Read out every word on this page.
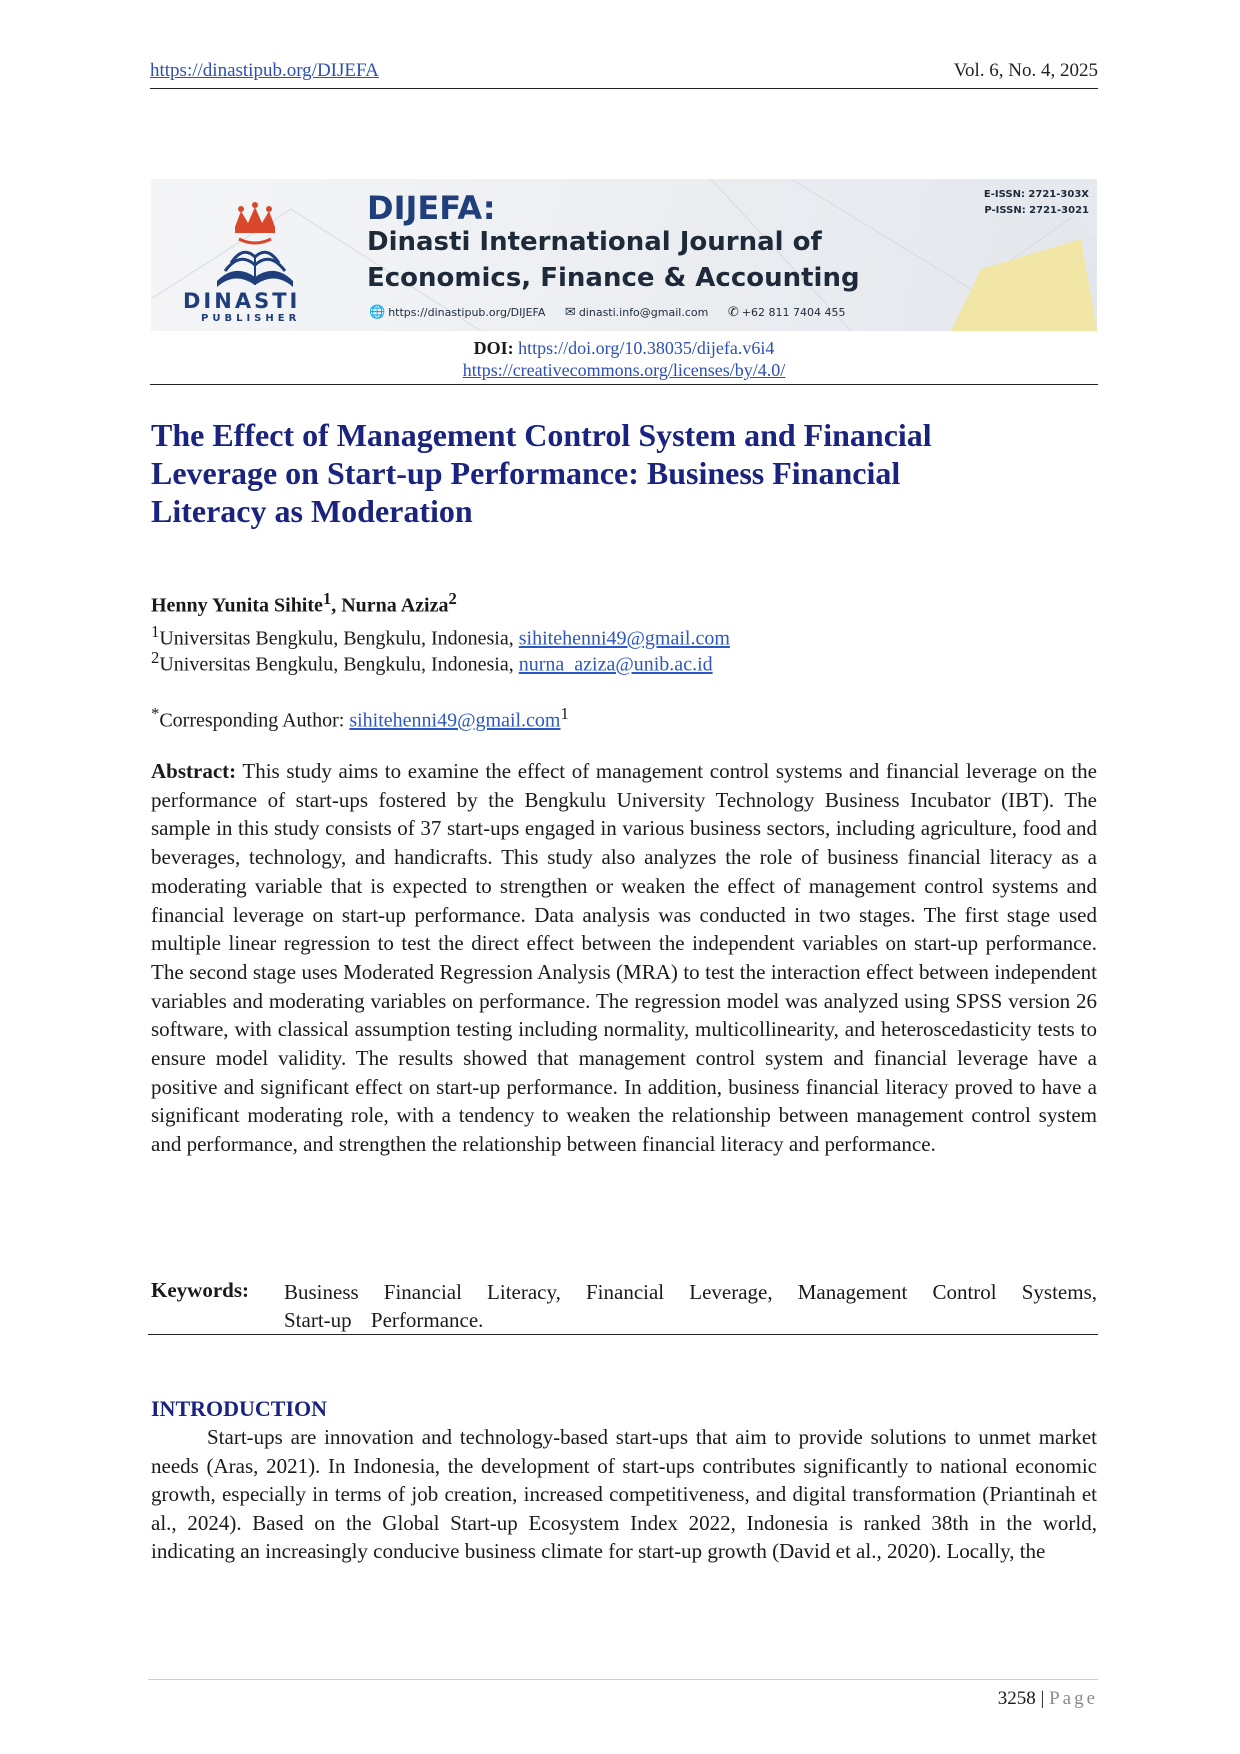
https://dinastipub.org/DIJEFA	Vol. 6, No. 4, 2025
DINASTI
PUBLISHER
DIJEFA:
Dinasti International Journal of
Economics, Finance & Accounting
E-ISSN: 2721-303X
P-ISSN: 2721-3021
🌐 https://dinastipub.org/DIJEFA ✉ dinasti.info@gmail.com ✆ +62 811 7404 455
DOI: https://doi.org/10.38035/dijefa.v6i4
https://creativecommons.org/licenses/by/4.0/
The Effect of Management Control System and Financial Leverage on Start-up Performance: Business Financial Literacy as Moderation
Henny Yunita Sihite$^1$, Nurna Aziza$^2$
$^1$Universitas Bengkulu, Bengkulu, Indonesia, sihitehenni49@gmail.com
$^2$Universitas Bengkulu, Bengkulu, Indonesia, nurna_aziza@unib.ac.id
*Corresponding Author: sihitehenni49@gmail.com$^1$
Abstract: This study aims to examine the effect of management control systems and financial leverage on the performance of start-ups fostered by the Bengkulu University Technology Business Incubator (IBT). The sample in this study consists of 37 start-ups engaged in various business sectors, including agriculture, food and beverages, technology, and handicrafts. This study also analyzes the role of business financial literacy as a moderating variable that is expected to strengthen or weaken the effect of management control systems and financial leverage on start-up performance. Data analysis was conducted in two stages. The first stage used multiple linear regression to test the direct effect between the independent variables on start-up performance. The second stage uses Moderated Regression Analysis (MRA) to test the interaction effect between independent variables and moderating variables on performance. The regression model was analyzed using SPSS version 26 software, with classical assumption testing including normality, multicollinearity, and heteroscedasticity tests to ensure model validity. The results showed that management control system and financial leverage have a positive and significant effect on start-up performance. In addition, business financial literacy proved to have a significant moderating role, with a tendency to weaken the relationship between management control system and performance, and strengthen the relationship between financial literacy and performance.
Keywords: Business Financial Literacy, Financial Leverage, Management Control Systems, Start-up Performance.
INTRODUCTION
Start-ups are innovation and technology-based start-ups that aim to provide solutions to unmet market needs (Aras, 2021). In Indonesia, the development of start-ups contributes significantly to national economic growth, especially in terms of job creation, increased competitiveness, and digital transformation (Priantinah et al., 2024). Based on the Global Start-up Ecosystem Index 2022, Indonesia is ranked 38th in the world, indicating an increasingly conducive business climate for start-up growth (David et al., 2020). Locally, the
3258 | Page
